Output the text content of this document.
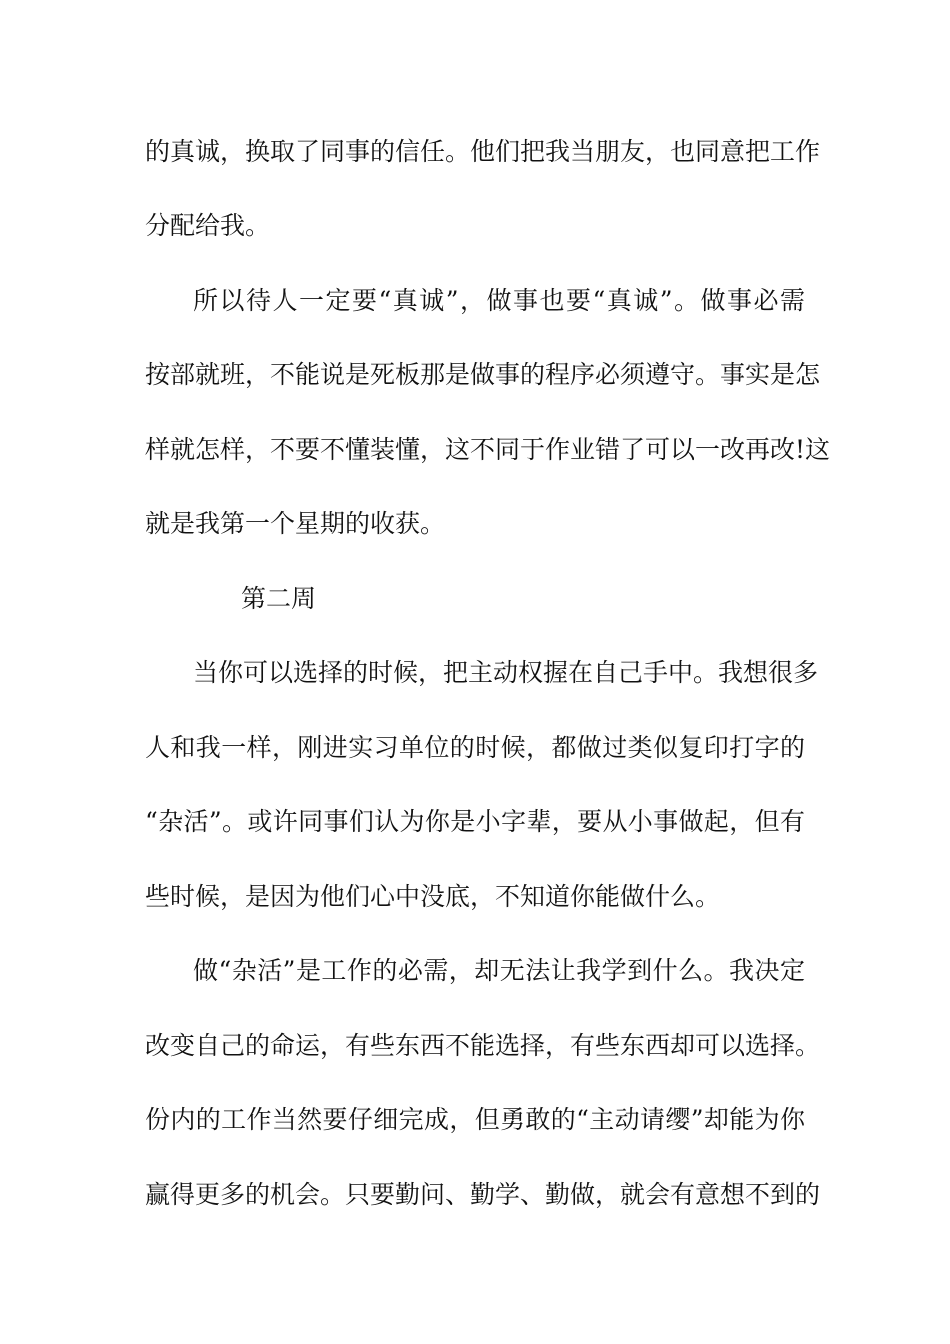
的真诚，换取了同事的信任。他们把我当朋友，也同意把工作
分配给我。
所以待人一定要“真诚”，做事也要“真诚”。做事必需
按部就班，不能说是死板那是做事的程序必须遵守。事实是怎
样就怎样，不要不懂装懂，这不同于作业错了可以一改再改!这
就是我第一个星期的收获。
第二周
当你可以选择的时候，把主动权握在自己手中。我想很多
人和我一样，刚进实习单位的时候，都做过类似复印打字的
“杂活”。或许同事们认为你是小字辈，要从小事做起，但有
些时候，是因为他们心中没底，不知道你能做什么。
做“杂活”是工作的必需，却无法让我学到什么。我决定
改变自己的命运，有些东西不能选择，有些东西却可以选择。
份内的工作当然要仔细完成，但勇敢的“主动请缨”却能为你
赢得更多的机会。只要勤问、勤学、勤做，就会有意想不到的
